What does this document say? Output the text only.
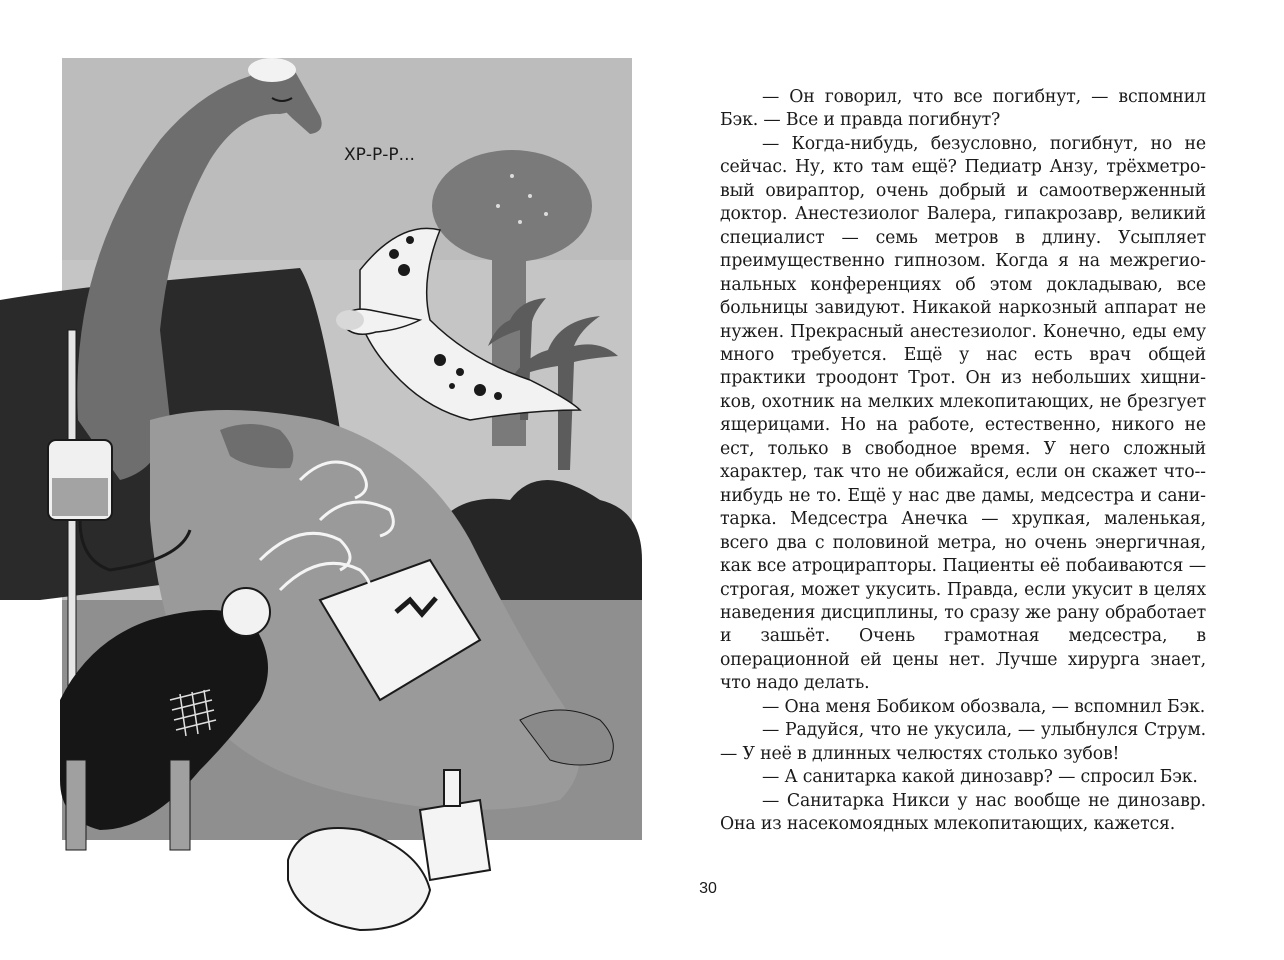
ХР-Р-Р...

— Он говорил, что все погибнут, — вспомнил Бэк. — Все и правда погибнут?

— Когда-нибудь, безусловно, погибнут, но не сейчас. Ну, кто там ещё? Педиатр Анзу, трёхметровый овираптор, очень добрый и самоотверженный доктор. Анестезиолог Валера, гипакрозавр, великий специалист — семь метров в длину. Усыпляет преимущественно гипнозом. Когда я на межрегиональных конференциях об этом докладываю, все больницы завидуют. Никакой наркозный аппарат не нужен. Прекрасный анестезиолог. Конечно, еды ему много требуется. Ещё у нас есть врач общей практики троодонт Трот. Он из небольших хищников, охотник на мелких млекопитающих, не брезгует ящерицами. Но на работе, естественно, никого не ест, только в свободное время. У него сложный характер, так что не обижайся, если он скажет что-нибудь не то. Ещё у нас две дамы, медсестра и санитарка. Медсестра Анечка — хрупкая, маленькая, всего два с половиной метра, но очень энергичная, как все атроцирапторы. Пациенты её побаиваются — строгая, может укусить. Правда, если укусит в целях наведения дисциплины, то сразу же рану обработает и зашьёт. Очень грамотная медсестра, в операционной ей цены нет. Лучше хирурга знает, что надо делать.

— Она меня Бобиком обозвала, — вспомнил Бэк.

— Радуйся, что не укусила, — улыбнулся Струм. — У неё в длинных челюстях столько зубов!

— А санитарка какой динозавр? — спросил Бэк.

— Санитарка Никси у нас вообще не динозавр. Она из насекомоядных млекопитающих, кажется.

30
